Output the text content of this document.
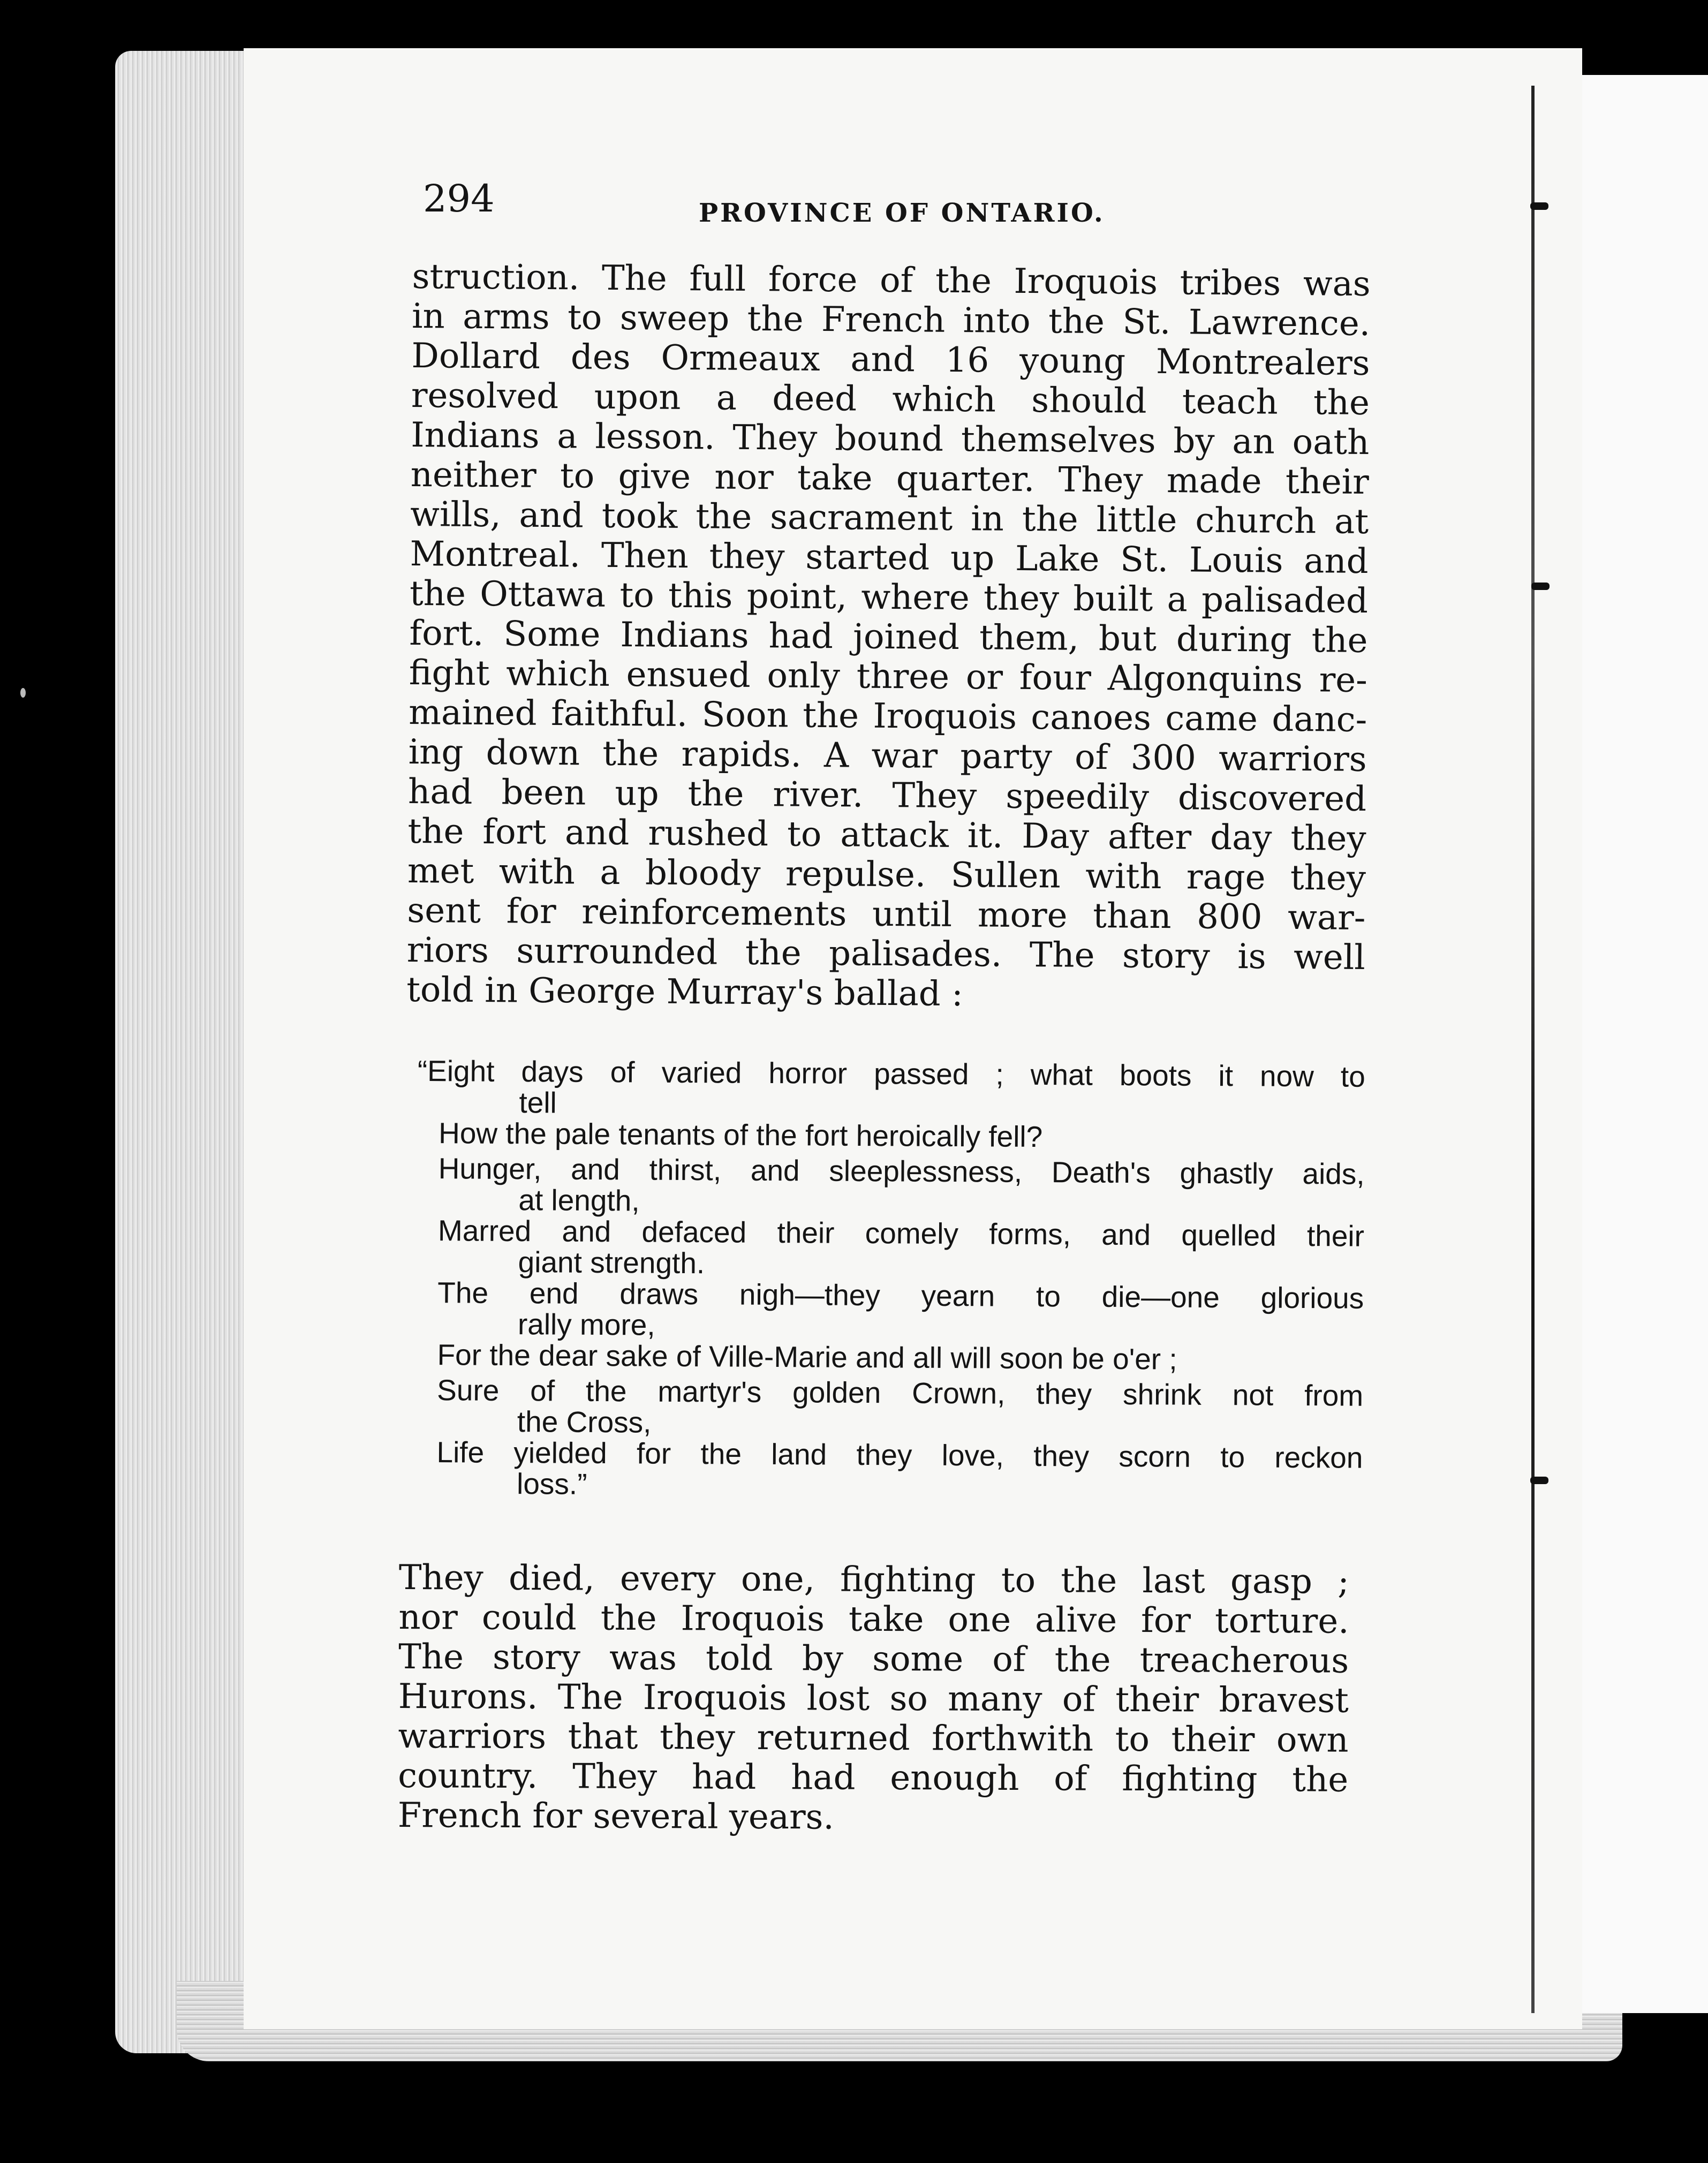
294	PROVINCE OF ONTARIO.
struction. The full force of the Iroquois tribes was
in arms to sweep the French into the St. Lawrence.
Dollard des Ormeaux and 16 young Montrealers
resolved upon a deed which should teach the
Indians a lesson. They bound themselves by an oath
neither to give nor take quarter. They made their
wills, and took the sacrament in the little church at
Montreal. Then they started up Lake St. Louis and
the Ottawa to this point, where they built a palisaded
fort. Some Indians had joined them, but during the
fight which ensued only three or four Algonquins re-
mained faithful. Soon the Iroquois canoes came danc-
ing down the rapids. A war party of 300 warriors
had been up the river. They speedily discovered
the fort and rushed to attack it. Day after day they
met with a bloody repulse. Sullen with rage they
sent for reinforcements until more than 800 war-
riors surrounded the palisades. The story is well
told in George Murray's ballad :
“Eight days of varied horror passed ; what boots it now to
tell
How the pale tenants of the fort heroically fell?
Hunger, and thirst, and sleeplessness, Death's ghastly aids,
at length,
Marred and defaced their comely forms, and quelled their
giant strength.
The end draws nigh—they yearn to die—one glorious
rally more,
For the dear sake of Ville-Marie and all will soon be o'er ;
Sure of the martyr's golden Crown, they shrink not from
the Cross,
Life yielded for the land they love, they scorn to reckon
loss.”
They died, every one, fighting to the last gasp ;
nor could the Iroquois take one alive for torture.
The story was told by some of the treacherous
Hurons. The Iroquois lost so many of their bravest
warriors that they returned forthwith to their own
country. They had had enough of fighting the
French for several years.
